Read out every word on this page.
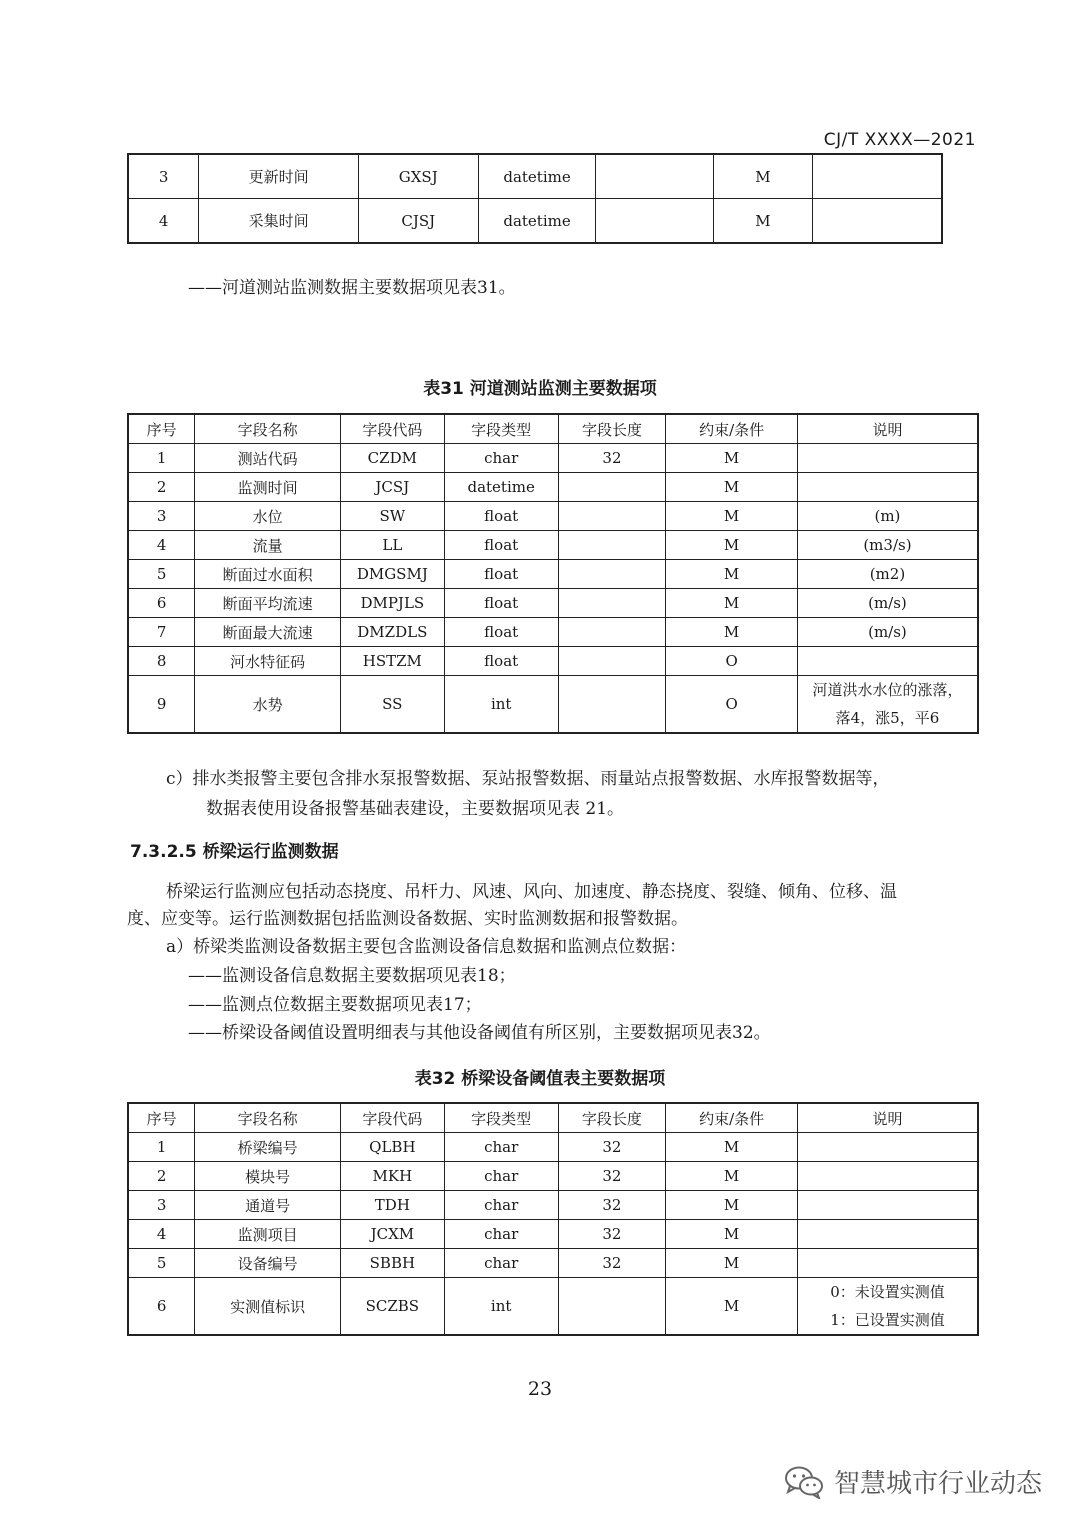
CJ/T XXXX—2021
3	更新时间	GXSJ	datetime		M	
4	采集时间	CJSJ	datetime		M	
——河道测站监测数据主要数据项见表31。
表31 河道测站监测主要数据项
序号	字段名称	字段代码	字段类型	字段长度	约束/条件	说明
1	测站代码	CZDM	char	32	M	
2	监测时间	JCSJ	datetime		M	
3	水位	SW	float		M	(m)
4	流量	LL	float		M	(m3/s)
5	断面过水面积	DMGSMJ	float		M	(m2)
6	断面平均流速	DMPJLS	float		M	(m/s)
7	断面最大流速	DMZDLS	float		M	(m/s)
8	河水特征码	HSTZM	float		O	
9	水势	SS	int		O	河道洪水水位的涨落，
落4，涨5，平6
c）排水类报警主要包含排水泵报警数据、泵站报警数据、雨量站点报警数据、水库报警数据等，
数据表使用设备报警基础表建设，主要数据项见表 21。
7.3.2.5 桥梁运行监测数据
桥梁运行监测应包括动态挠度、吊杆力、风速、风向、加速度、静态挠度、裂缝、倾角、位移、温
度、应变等。运行监测数据包括监测设备数据、实时监测数据和报警数据。
a）桥梁类监测设备数据主要包含监测设备信息数据和监测点位数据：
——监测设备信息数据主要数据项见表18；
——监测点位数据主要数据项见表17；
——桥梁设备阈值设置明细表与其他设备阈值有所区别，主要数据项见表32。
表32 桥梁设备阈值表主要数据项
序号	字段名称	字段代码	字段类型	字段长度	约束/条件	说明
1	桥梁编号	QLBH	char	32	M	
2	模块号	MKH	char	32	M	
3	通道号	TDH	char	32	M	
4	监测项目	JCXM	char	32	M	
5	设备编号	SBBH	char	32	M	
6	实测值标识	SCZBS	int		M	0：未设置实测值
1：已设置实测值
23
智慧城市行业动态
